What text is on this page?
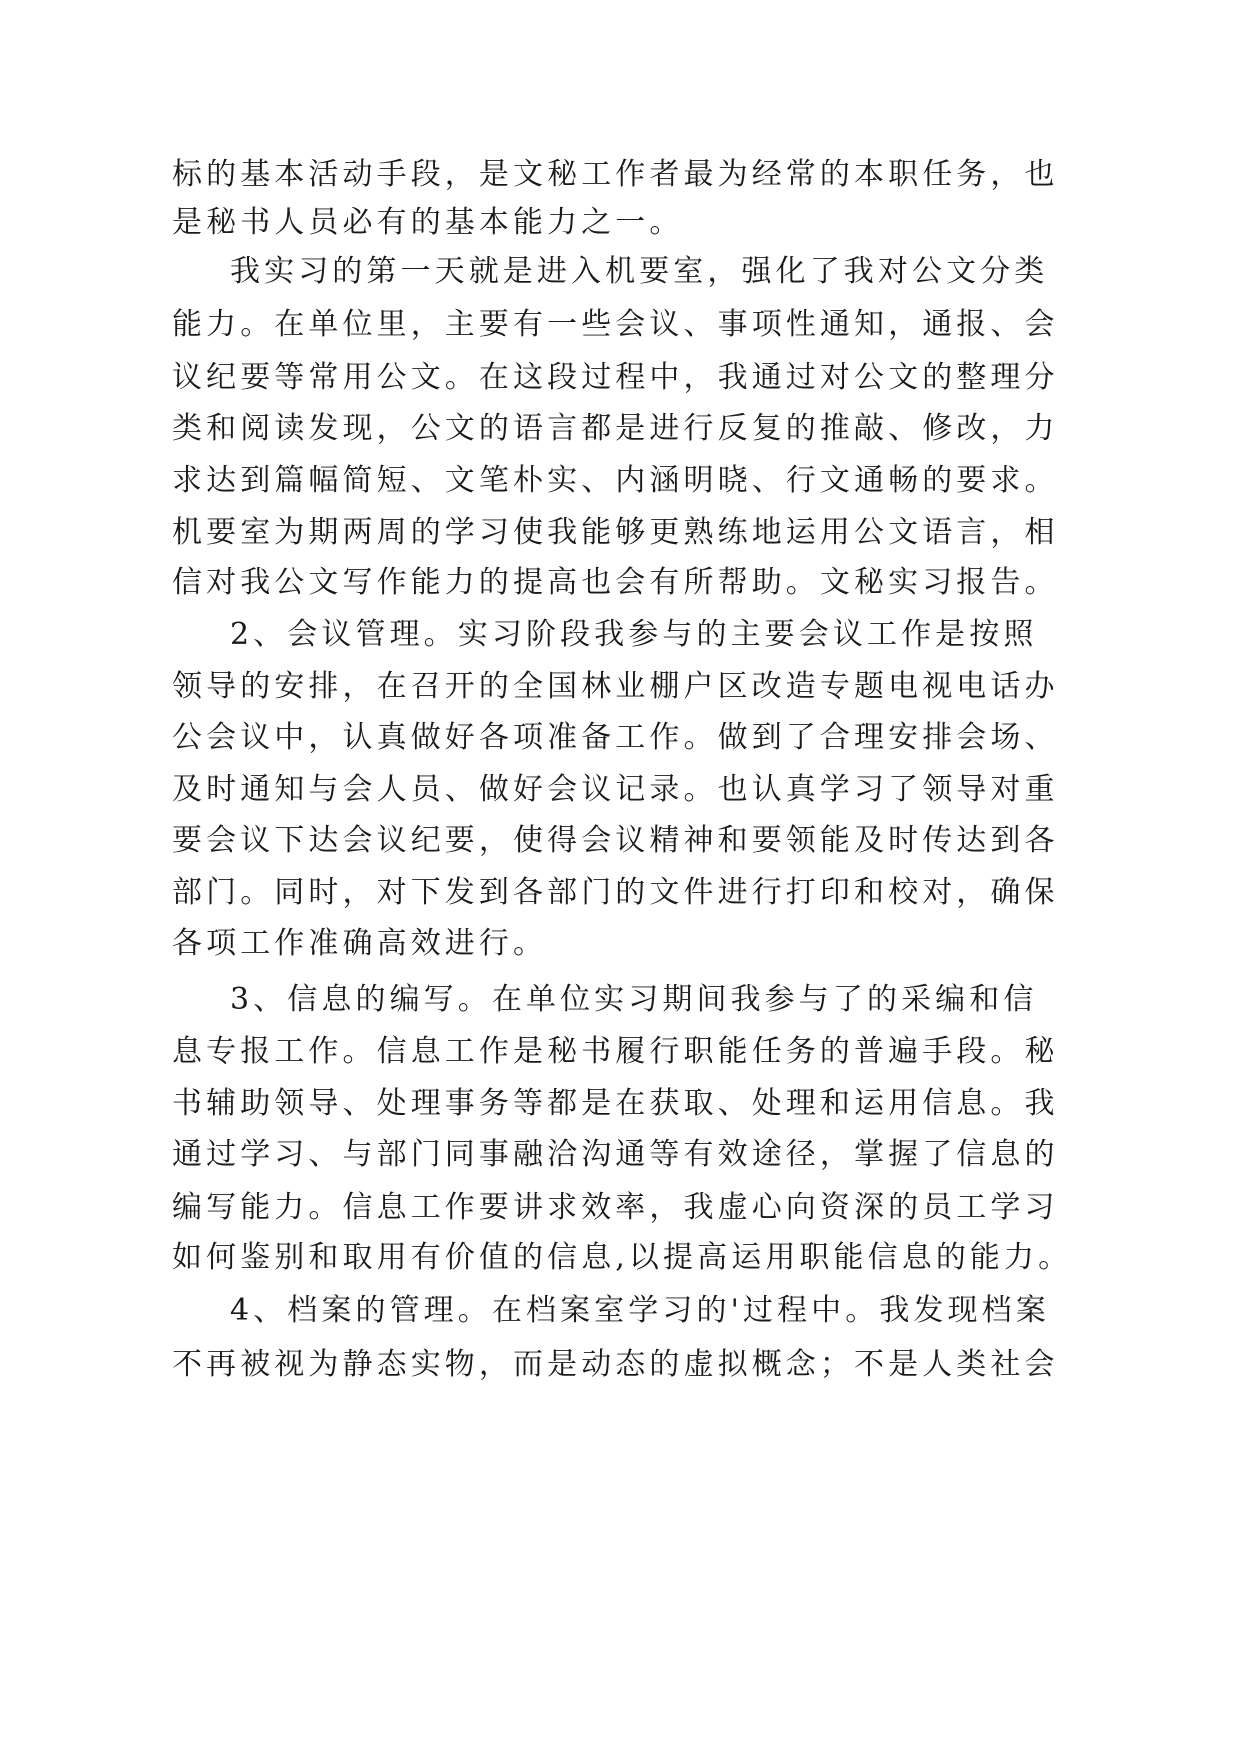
标的基本活动手段，是文秘工作者最为经常的本职任务，也
是秘书人员必有的基本能力之一。
我实习的第一天就是进入机要室，强化了我对公文分类
能力。在单位里，主要有一些会议、事项性通知，通报、会
议纪要等常用公文。在这段过程中，我通过对公文的整理分
类和阅读发现，公文的语言都是进行反复的推敲、修改，力
求达到篇幅简短、文笔朴实、内涵明晓、行文通畅的要求。
机要室为期两周的学习使我能够更熟练地运用公文语言，相
信对我公文写作能力的提高也会有所帮助。文秘实习报告。
2、会议管理。实习阶段我参与的主要会议工作是按照
领导的安排，在召开的全国林业棚户区改造专题电视电话办
公会议中，认真做好各项准备工作。做到了合理安排会场、
及时通知与会人员、做好会议记录。也认真学习了领导对重
要会议下达会议纪要，使得会议精神和要领能及时传达到各
部门。同时，对下发到各部门的文件进行打印和校对，确保
各项工作准确高效进行。
3、信息的编写。在单位实习期间我参与了的采编和信
息专报工作。信息工作是秘书履行职能任务的普遍手段。秘
书辅助领导、处理事务等都是在获取、处理和运用信息。我
通过学习、与部门同事融洽沟通等有效途径，掌握了信息的
编写能力。信息工作要讲求效率，我虚心向资深的员工学习
如何鉴别和取用有价值的信息,以提高运用职能信息的能力。
4、档案的管理。在档案室学习的'过程中。我发现档案
不再被视为静态实物，而是动态的虚拟概念；不是人类社会
